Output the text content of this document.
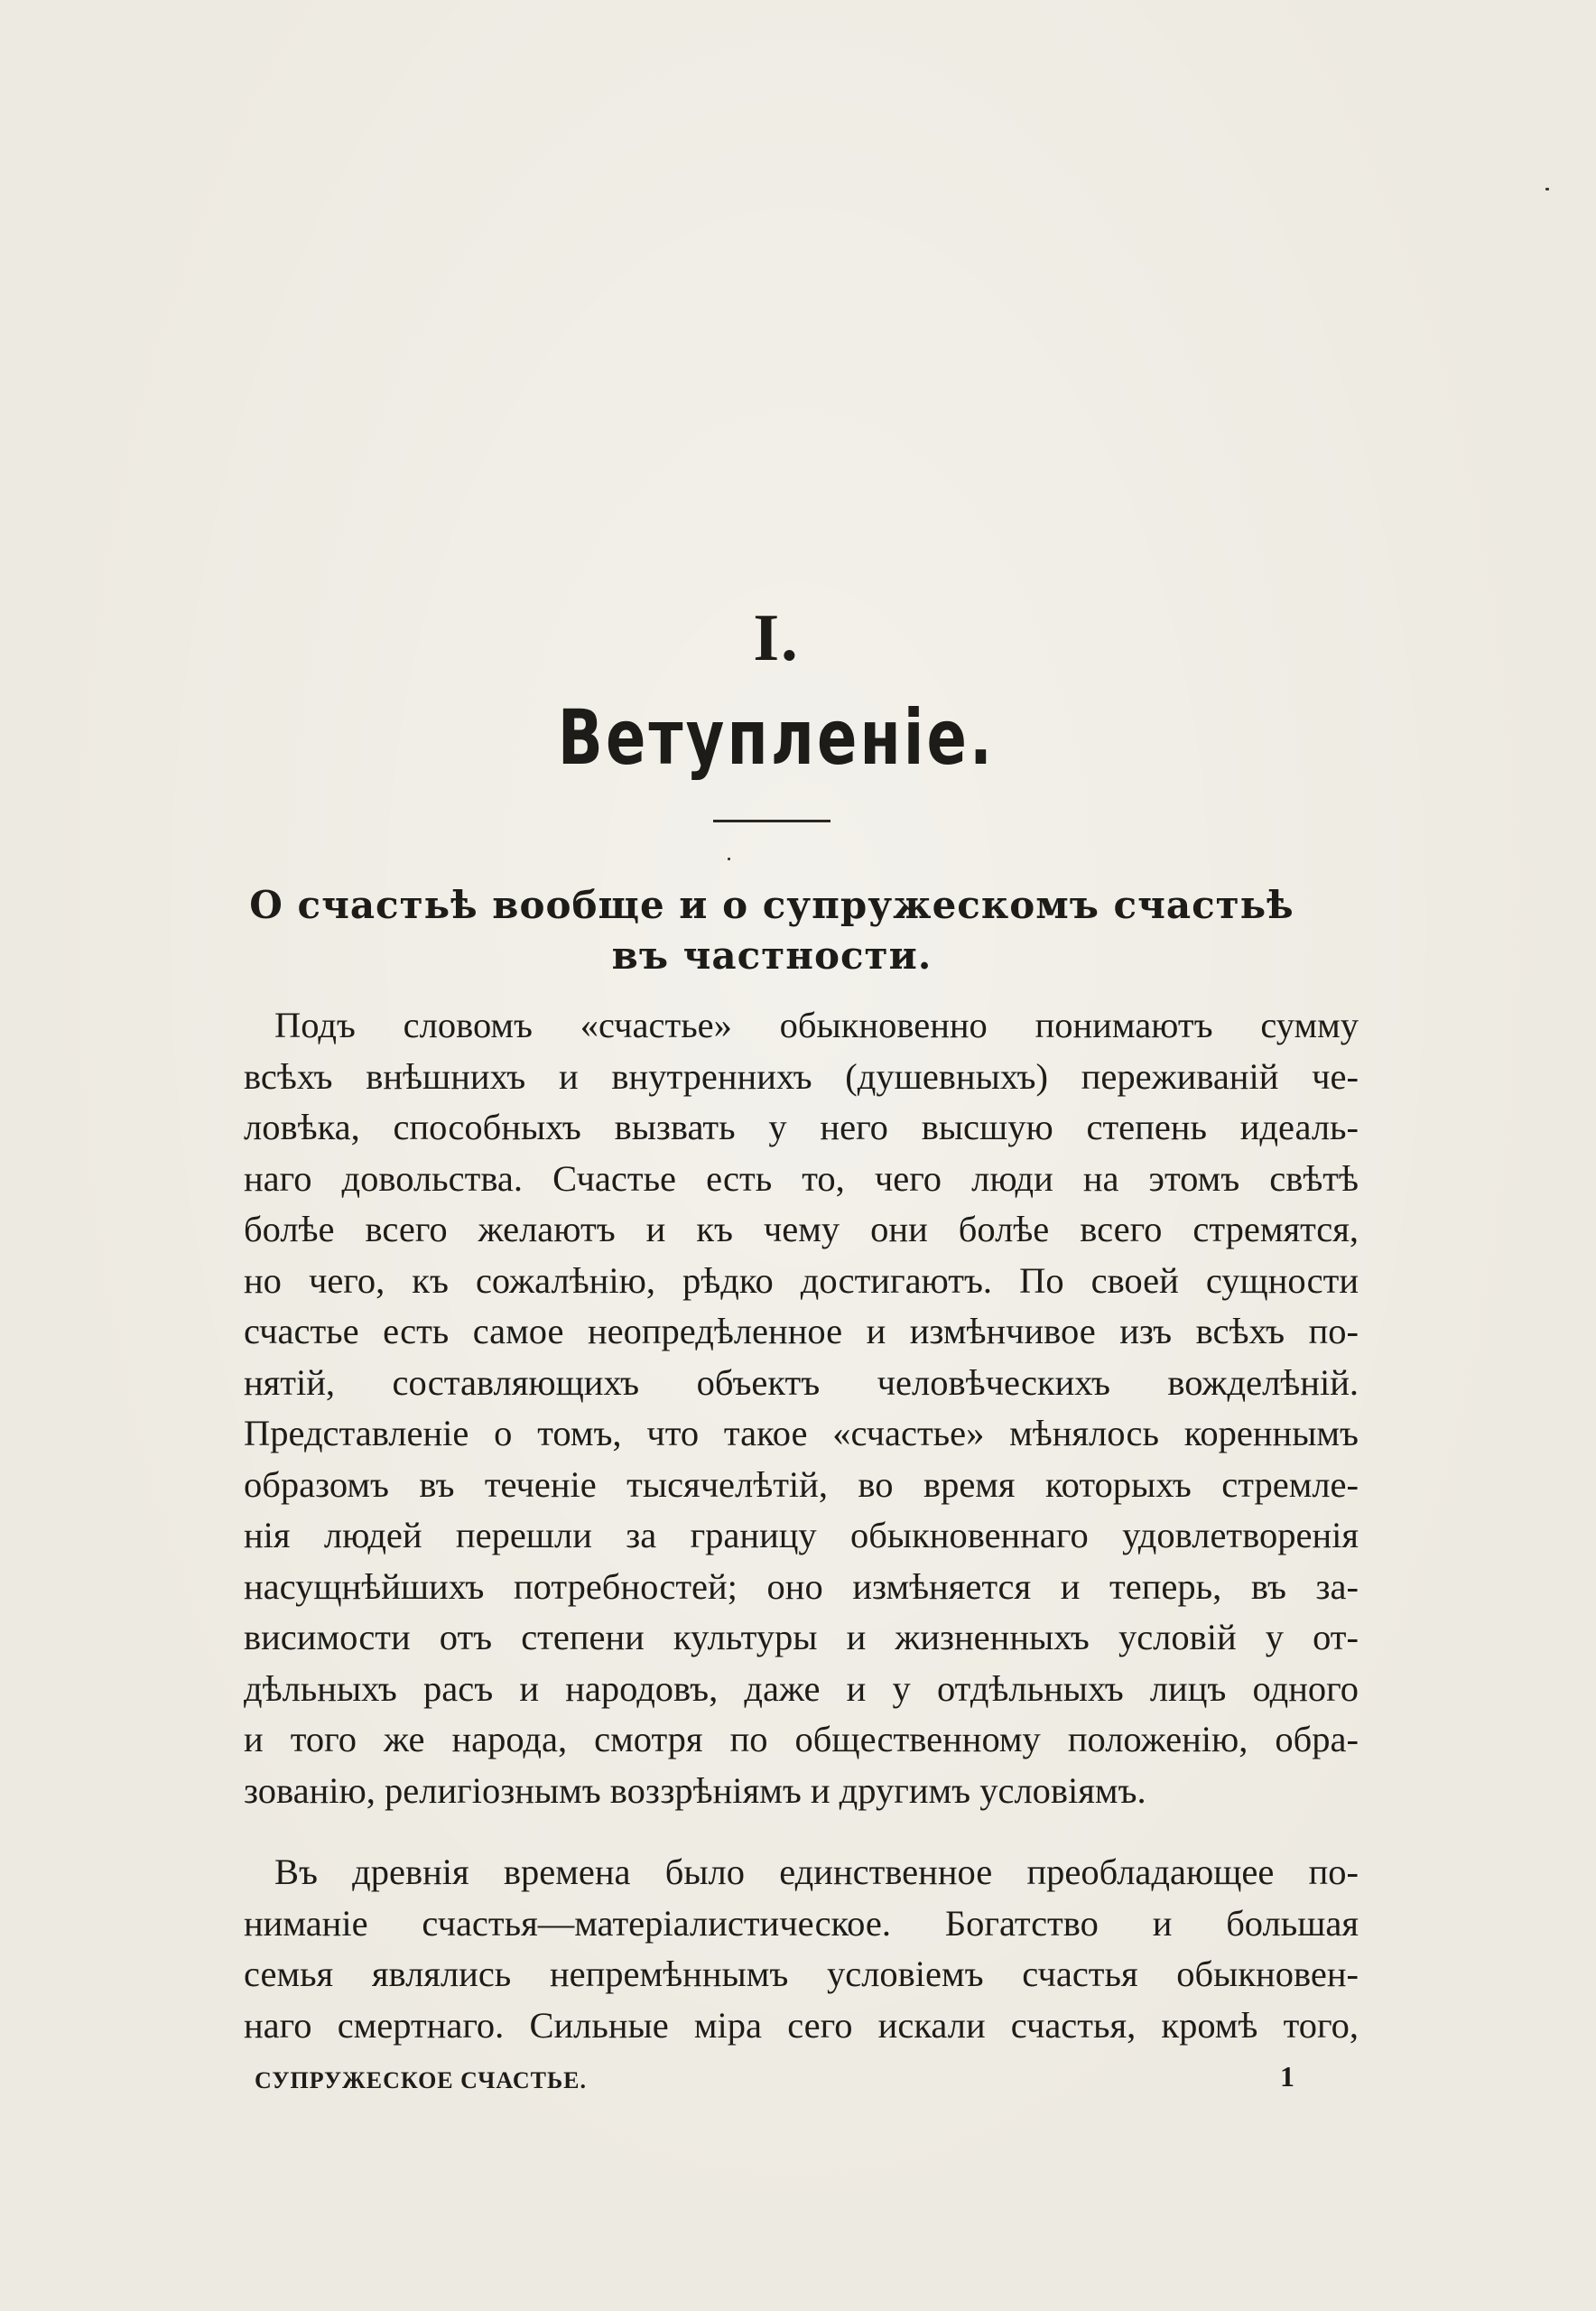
I.
Ветупленіе.
О счастьѣ вообще и о супружескомъ счастьѣ
въ частности.
Подъ словомъ «счастье» обыкновенно понимаютъ сумму
всѣхъ внѣшнихъ и внутреннихъ (душевныхъ) переживаній че-
ловѣка, способныхъ вызвать у него высшую степень идеаль-
наго довольства. Счастье есть то, чего люди на этомъ свѣтѣ
болѣе всего желаютъ и къ чему они болѣе всего стремятся,
но чего, къ сожалѣнію, рѣдко достигаютъ. По своей сущности
счастье есть самое неопредѣленное и измѣнчивое изъ всѣхъ по-
нятій, составляющихъ объектъ человѣческихъ вожделѣній.
Представленіе о томъ, что такое «счастье» мѣнялось кореннымъ
образомъ въ теченіе тысячелѣтій, во время которыхъ стремле-
нія людей перешли за границу обыкновеннаго удовлетворенія
насущнѣйшихъ потребностей; оно измѣняется и теперь, въ за-
висимости отъ степени культуры и жизненныхъ условій у от-
дѣльныхъ расъ и народовъ, даже и у отдѣльныхъ лицъ одного
и того же народа, смотря по общественному положенію, обра-
зованію, религіознымъ воззрѣніямъ и другимъ условіямъ.
Въ древнія времена было единственное преобладающее по-
ниманіе счастья—матеріалистическое. Богатство и большая
семья являлись непремѣннымъ условіемъ счастья обыкновен-
наго смертнаго. Сильные міра сего искали счастья, кромѣ того,
СУПРУЖЕСКОЕ СЧАСТЬЕ.	1
